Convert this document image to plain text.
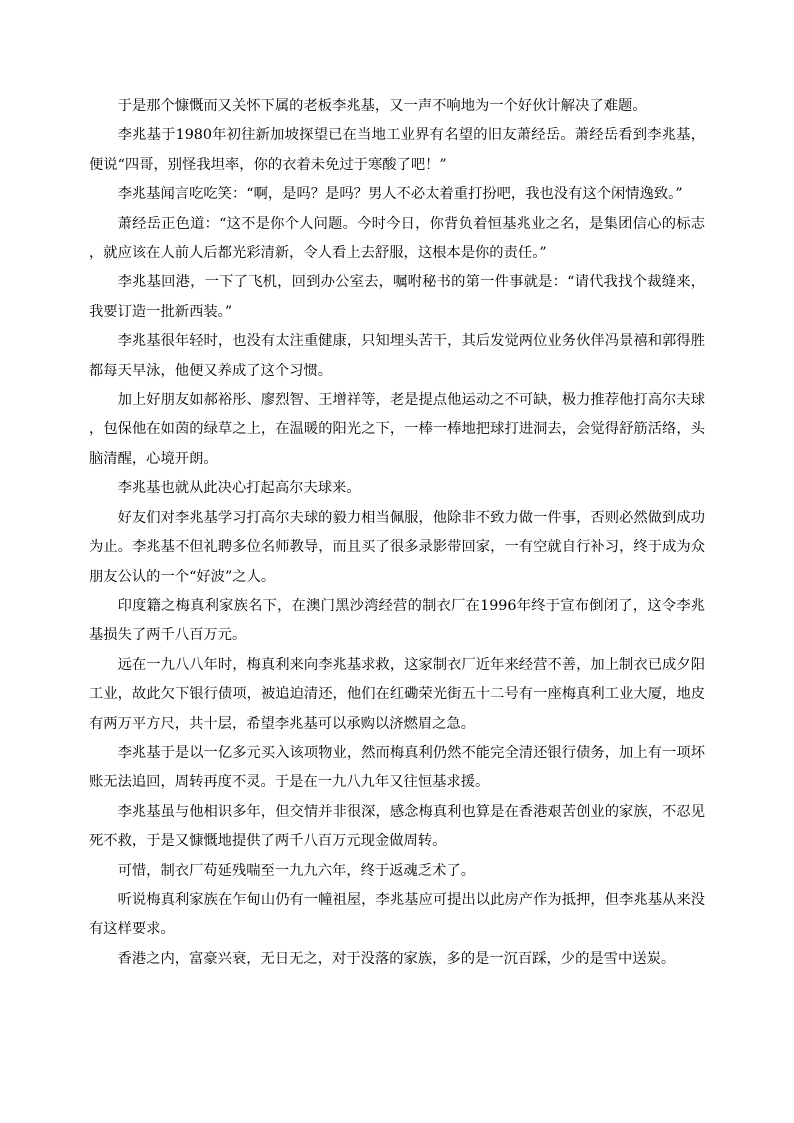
于是那个慷慨而又关怀下属的老板李兆基，又一声不响地为一个好伙计解决了难题。

李兆基于1980年初往新加坡探望已在当地工业界有名望的旧友萧经岳。萧经岳看到李兆基，便说“四哥，别怪我坦率，你的衣着未免过于寒酸了吧！”

李兆基闻言吃吃笑：“啊，是吗？是吗？男人不必太着重打扮吧，我也没有这个闲情逸致。”

萧经岳正色道：“这不是你个人问题。今时今日，你背负着恒基兆业之名，是集团信心的标志，就应该在人前人后都光彩清新，令人看上去舒服，这根本是你的责任。”

李兆基回港，一下了飞机，回到办公室去，嘱咐秘书的第一件事就是：“请代我找个裁缝来，我要订造一批新西装。”

李兆基很年轻时，也没有太注重健康，只知埋头苦干，其后发觉两位业务伙伴冯景禧和郭得胜都每天早泳，他便又养成了这个习惯。

加上好朋友如郝裕彤、廖烈智、王增祥等，老是提点他运动之不可缺，极力推荐他打高尔夫球，包保他在如茵的绿草之上，在温暖的阳光之下，一棒一棒地把球打进洞去，会觉得舒筋活络，头脑清醒，心境开朗。

李兆基也就从此决心打起高尔夫球来。

好友们对李兆基学习打高尔夫球的毅力相当佩服，他除非不致力做一件事，否则必然做到成功为止。李兆基不但礼聘多位名师教导，而且买了很多录影带回家，一有空就自行补习，终于成为众朋友公认的一个“好波”之人。

印度籍之梅真利家族名下，在澳门黑沙湾经营的制衣厂在1996年终于宣布倒闭了，这令李兆基损失了两千八百万元。

远在一九八八年时，梅真利来向李兆基求救，这家制衣厂近年来经营不善，加上制衣已成夕阳工业，故此欠下银行债项，被追迫清还，他们在红磡荣光街五十二号有一座梅真利工业大厦，地皮有两万平方尺，共十层，希望李兆基可以承购以济燃眉之急。

李兆基于是以一亿多元买入该项物业，然而梅真利仍然不能完全清还银行债务，加上有一项坏账无法追回，周转再度不灵。于是在一九八九年又往恒基求援。

李兆基虽与他相识多年，但交情并非很深，感念梅真利也算是在香港艰苦创业的家族，不忍见死不救，于是又慷慨地提供了两千八百万元现金做周转。

可惜，制衣厂苟延残喘至一九九六年，终于返魂乏术了。

听说梅真利家族在乍甸山仍有一幢祖屋，李兆基应可提出以此房产作为抵押，但李兆基从来没有这样要求。

香港之内，富豪兴衰，无日无之，对于没落的家族，多的是一沉百踩，少的是雪中送炭。
